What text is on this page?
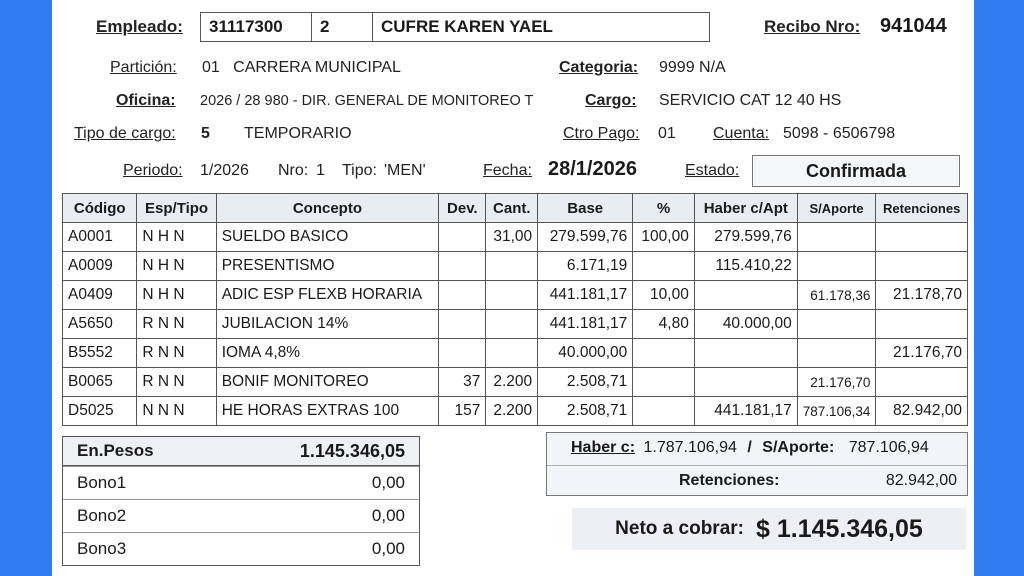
Empleado:	31117300	2	CUFRE KAREN YAEL	Recibo Nro: 941044
Partición: 01   CARRERA MUNICIPAL	Categoria: 9999 N/A
Oficina: 2026 / 28 980 - DIR. GENERAL DE MONITOREO T	Cargo: SERVICIO CAT 12 40 HS
Tipo de cargo: 5 TEMPORARIO	Ctro Pago: 01 Cuenta: 5098 - 6506798
Periodo: 1/2026 Nro: 1 Tipo: 'MEN'	Fecha: 28/1/2026	Estado:	Confirmada
Código	Esp/Tipo	Concepto	Dev.	Cant.	Base	%	Haber c/Apt	S/Aporte	Retenciones
A0001	N H N	SUELDO BASICO		31,00	279.599,76	100,00	279.599,76		
A0009	N H N	PRESENTISMO			6.171,19		115.410,22		
A0409	N H N	ADIC ESP FLEXB HORARIA			441.181,17	10,00		61.178,36	21.178,70
A5650	R N N	JUBILACION 14%			441.181,17	4,80	40.000,00		
B5552	R N N	IOMA 4,8%			40.000,00				21.176,70
B0065	R N N	BONIF MONITOREO	37	2.200	2.508,71			21.176,70	
D5025	N N N	HE HORAS EXTRAS 100	157	2.200	2.508,71		441.181,17	787.106,34	82.942,00
En.Pesos	1.145.346,05
Bono1	0,00
Bono2	0,00
Bono3	0,00
Haber c: 1.787.106,94 / S/Aporte: 787.106,94
Retenciones:	82.942,00
Neto a cobrar: $ 1.145.346,05
